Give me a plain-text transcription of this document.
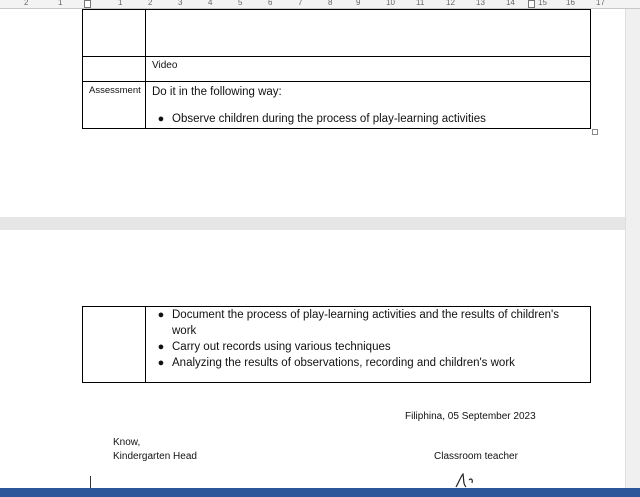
2	1	1	2	3	4	5	6	7	8	9	10	11	12	13	14	15 16	17

	Video

Assessment	Do it in the following way:
● Observe children during the process of play-learning activities

● Document the process of play-learning activities and the results of children's work
● Carry out records using various techniques
● Analyzing the results of observations, recording and children's work
Filiphina, 05 September 2023
Know,
Kindergarten Head	Classroom teacher
